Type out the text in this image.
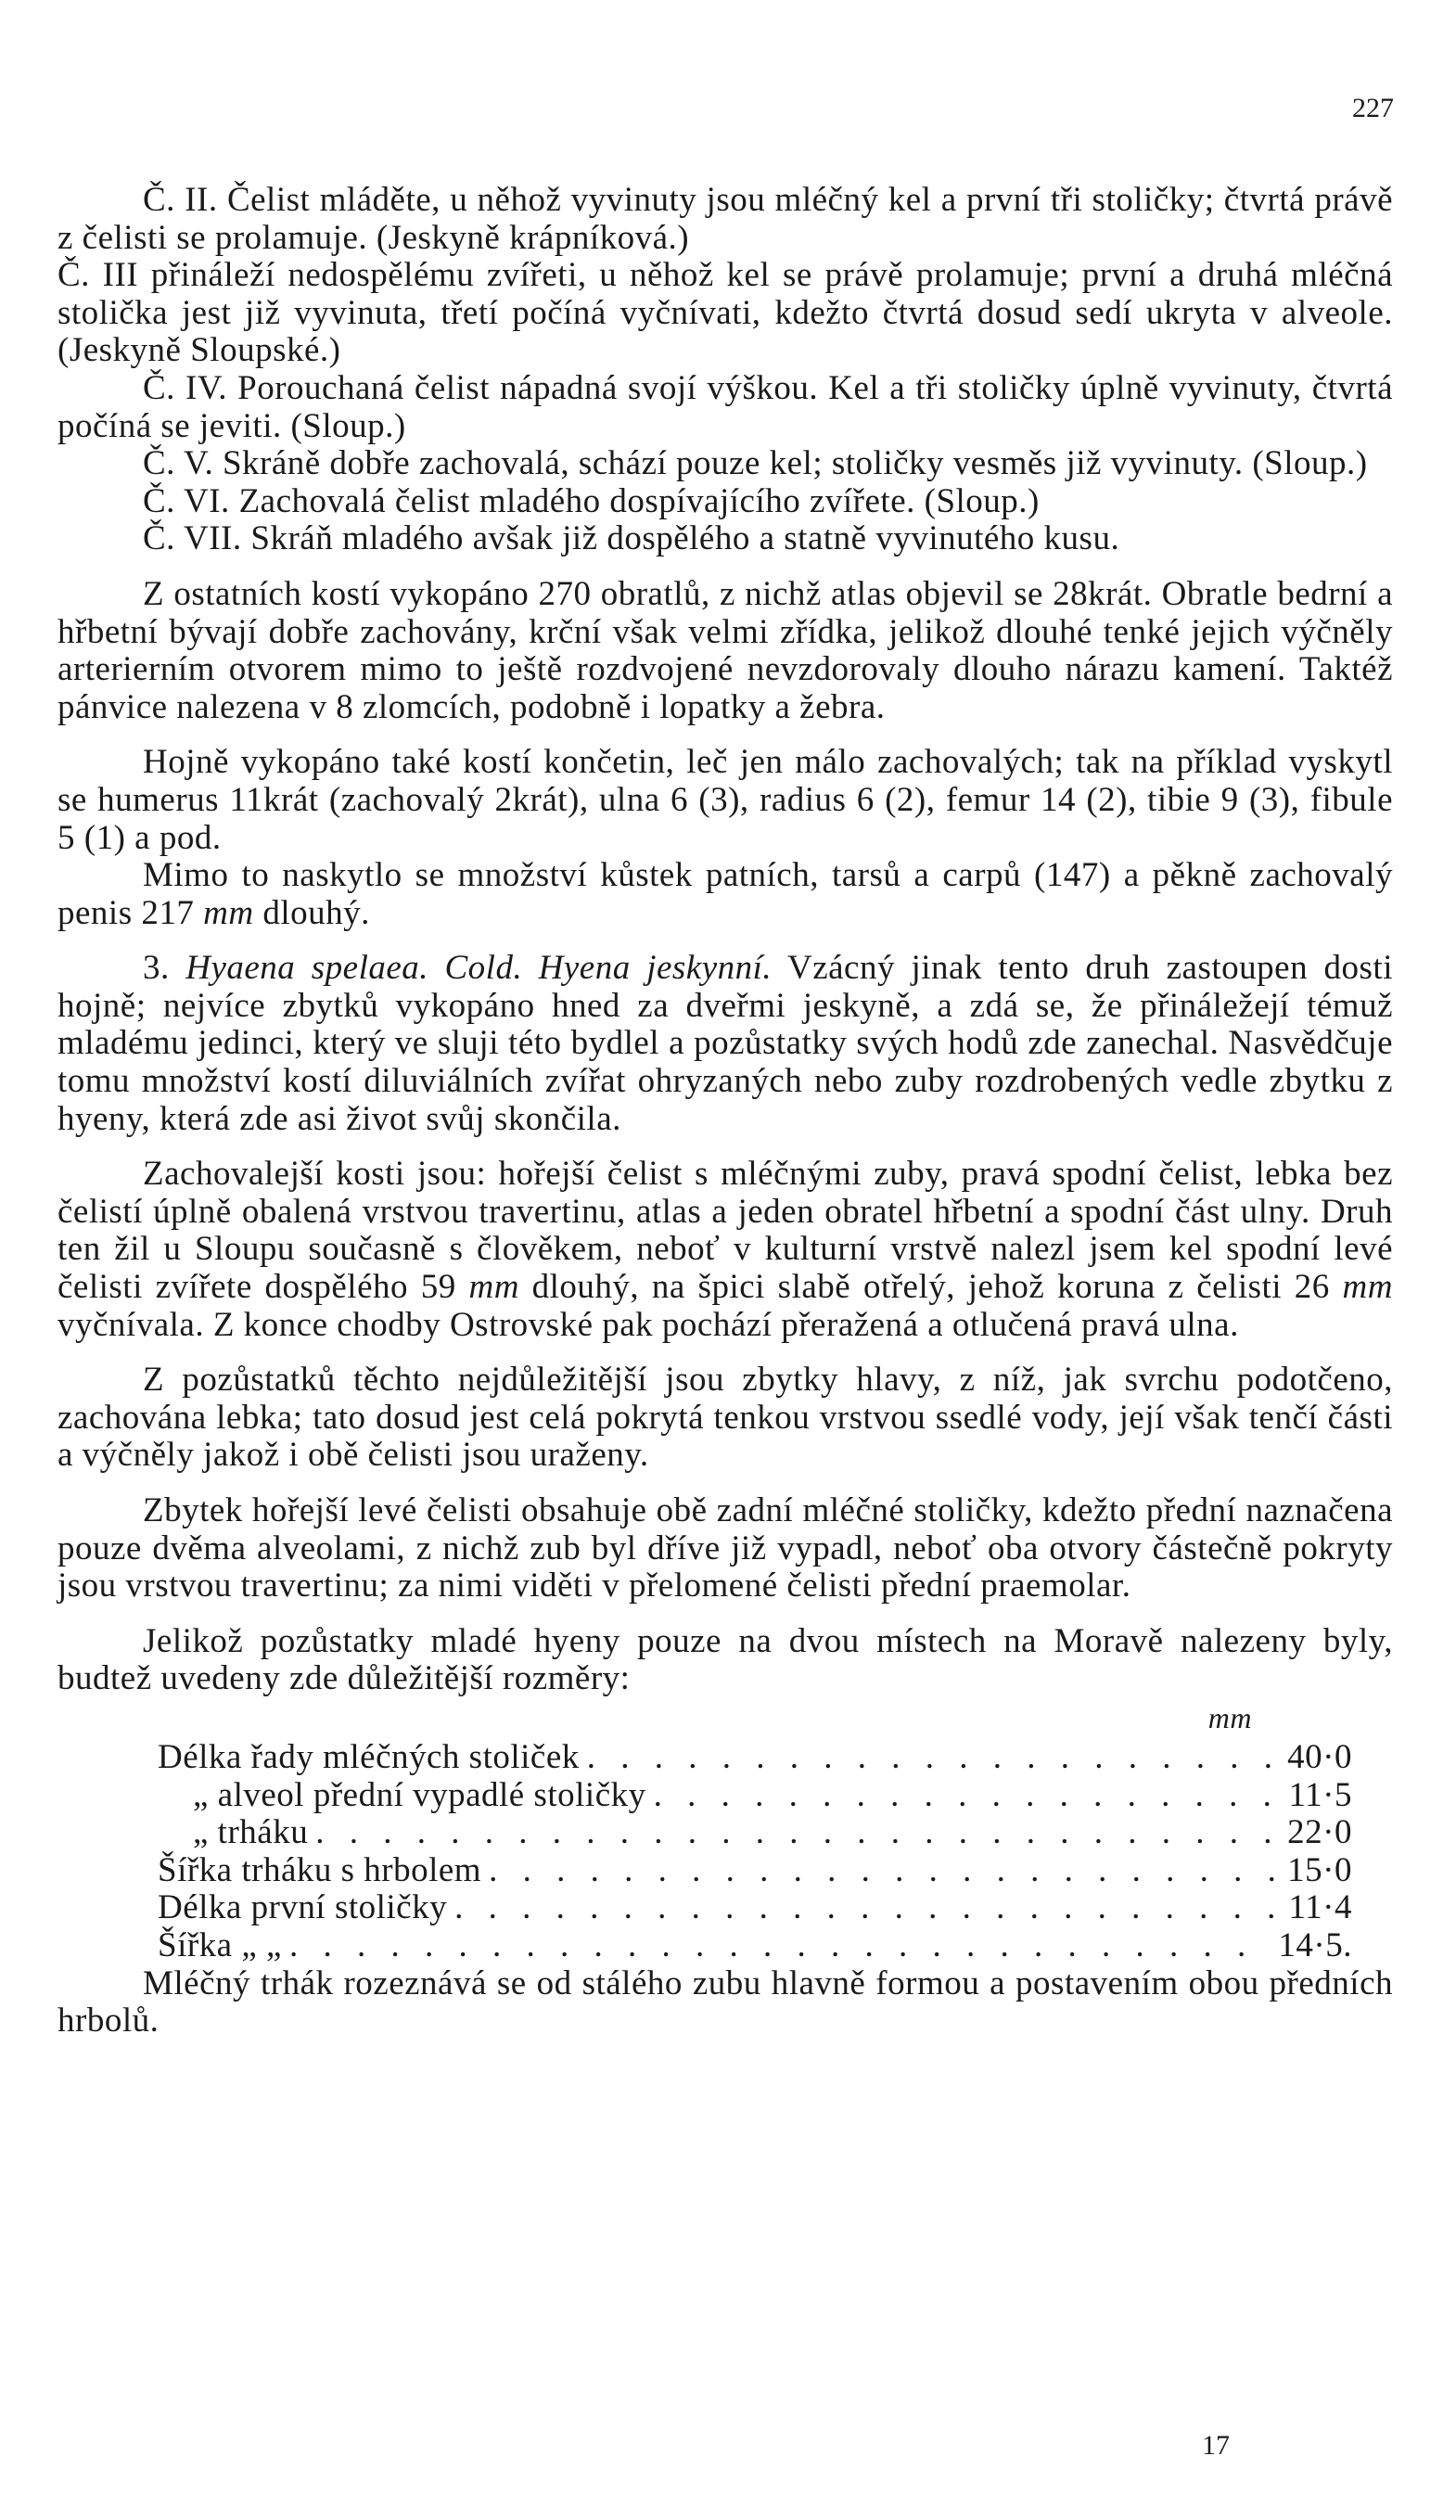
227

Č. II. Čelist mláděte, u něhož vyvinuty jsou mléčný kel a první tři stoličky; čtvrtá právě z čelisti se prolamuje. (Jeskyně krápníková.)

Č. III přináleží nedospělému zvířeti, u něhož kel se právě prolamuje; první a druhá mléčná stolička jest již vyvinuta, třetí počíná vyčnívati, kdežto čtvrtá dosud sedí ukryta v alveole. (Jeskyně Sloupské.)

Č. IV. Porouchaná čelist nápadná svojí výškou. Kel a tři stoličky úplně vyvinuty, čtvrtá počíná se jeviti. (Sloup.)

Č. V. Skráně dobře zachovalá, schází pouze kel; stoličky vesměs již vyvinuty. (Sloup.)

Č. VI. Zachovalá čelist mladého dospívajícího zvířete. (Sloup.)

Č. VII. Skráň mladého avšak již dospělého a statně vyvinutého kusu.

Z ostatních kostí vykopáno 270 obratlů, z nichž atlas objevil se 28krát. Obratle bedrní a hřbetní bývají dobře zachovány, krční však velmi zřídka, jelikož dlouhé tenké jejich výčněly arterierním otvorem mimo to ještě rozdvojené nevzdorovaly dlouho nárazu kamení. Taktéž pánvice nalezena v 8 zlomcích, podobně i lopatky a žebra.

Hojně vykopáno také kostí končetin, leč jen málo zachovalých; tak na příklad vyskytl se humerus 11krát (zachovalý 2krát), ulna 6 (3), radius 6 (2), femur 14 (2), tibie 9 (3), fibule 5 (1) a pod.

Mimo to naskytlo se množství kůstek patních, tarsů a carpů (147) a pěkně zachovalý penis 217 mm dlouhý.

3. Hyaena spelaea. Cold. Hyena jeskynní. Vzácný jinak tento druh zastoupen dosti hojně; nejvíce zbytků vykopáno hned za dveřmi jeskyně, a zdá se, že přináležejí témuž mladému jedinci, který ve sluji této bydlel a pozůstatky svých hodů zde zanechal. Nasvědčuje tomu množství kostí diluviálních zvířat ohryzaných nebo zuby rozdrobených vedle zbytku z hyeny, která zde asi život svůj skončila.

Zachovalejší kosti jsou: hořejší čelist s mléčnými zuby, pravá spodní čelist, lebka bez čelistí úplně obalená vrstvou travertinu, atlas a jeden obratel hřbetní a spodní část ulny. Druh ten žil u Sloupu současně s člověkem, neboť v kulturní vrstvě nalezl jsem kel spodní levé čelisti zvířete dospělého 59 mm dlouhý, na špici slabě otřelý, jehož koruna z čelisti 26 mm vyčnívala. Z konce chodby Ostrovské pak pochází přeražená a otlučená pravá ulna.

Z pozůstatků těchto nejdůležitější jsou zbytky hlavy, z níž, jak svrchu podotčeno, zachována lebka; tato dosud jest celá pokrytá tenkou vrstvou ssedlé vody, její však tenčí části a výčněly jakož i obě čelisti jsou uraženy.

Zbytek hořejší levé čelisti obsahuje obě zadní mléčné stoličky, kdežto přední naznačena pouze dvěma alveolami, z nichž zub byl dříve již vypadl, neboť oba otvory částečně pokryty jsou vrstvou travertinu; za nimi viděti v přelomené čelisti přední praemolar.

Jelikož pozůstatky mladé hyeny pouze na dvou místech na Moravě nalezeny byly, budtež uvedeny zde důležitější rozměry:

mm
Délka řady mléčných stoliček . . .	40·0
„ alveol přední vypadlé stoličky . . .	11·5
„ trháku . . .	22·0
Šířka trháku s hrbolem . . .	15·0
Délka první stoličky . . .	11·4
Šířka „ „ . . .	14·5.

Mléčný trhák rozeznává se od stálého zubu hlavně formou a postavením obou předních hrbolů.

17
